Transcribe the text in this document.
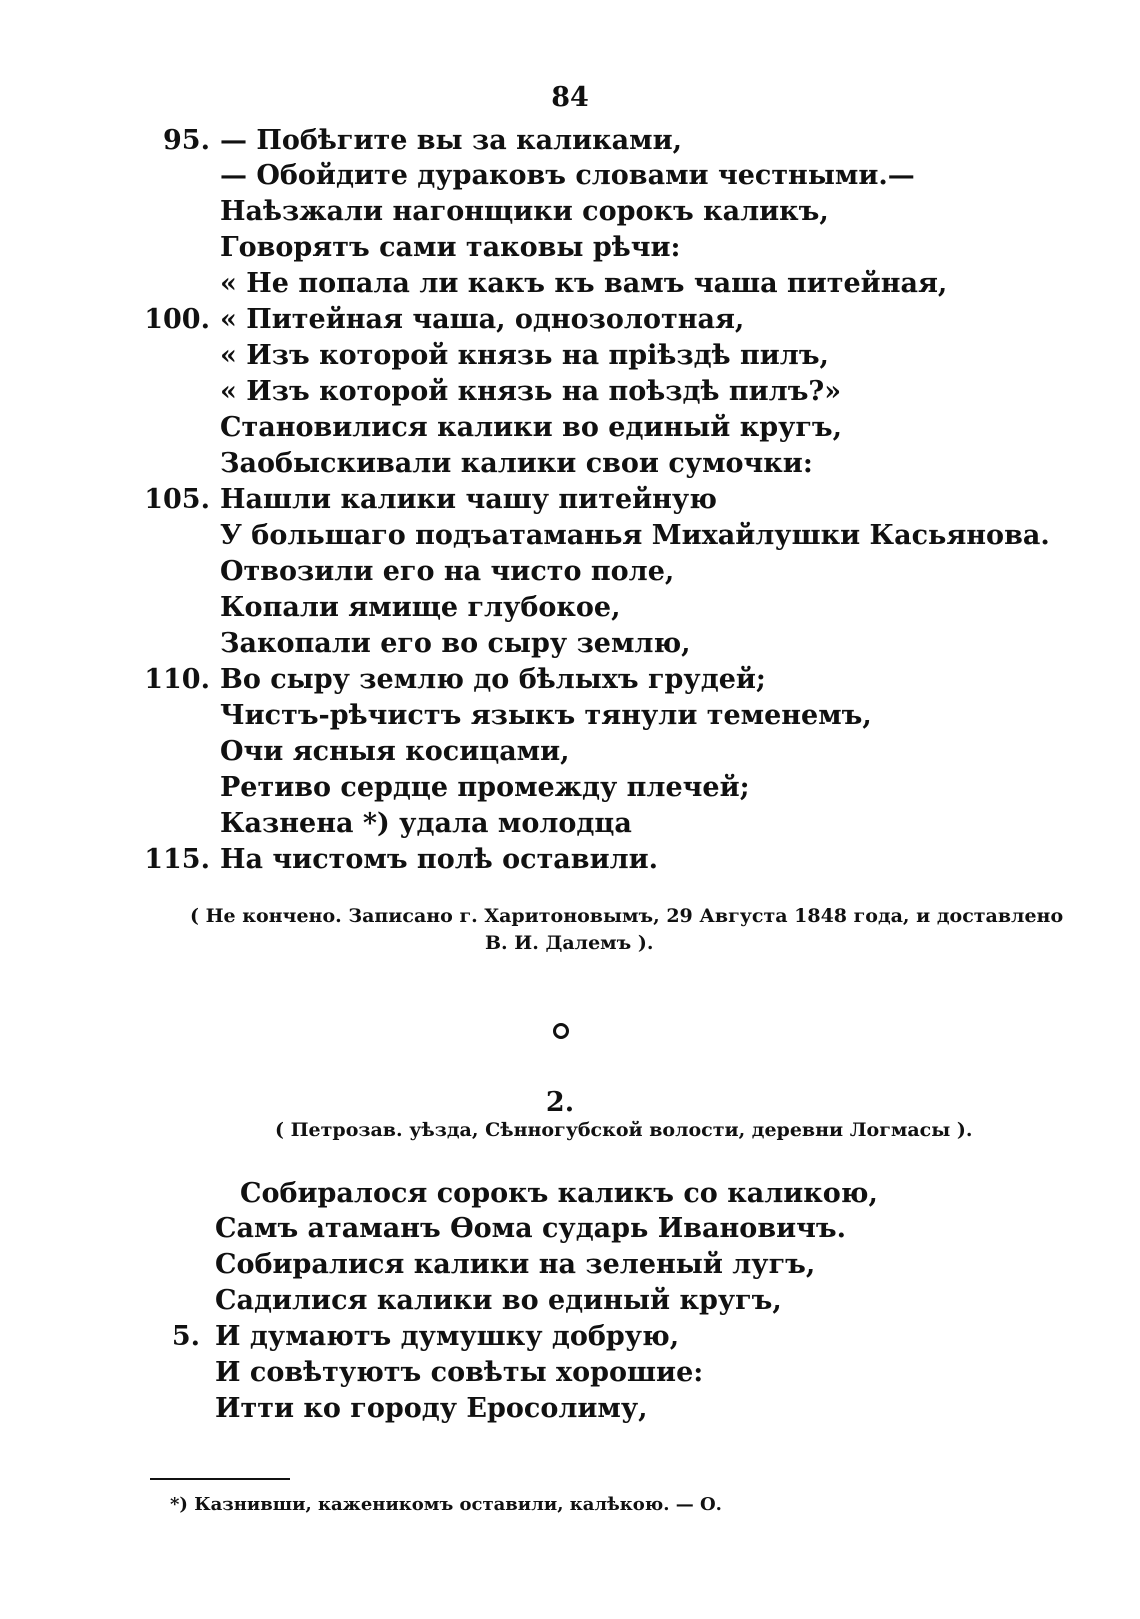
84
95. — Побѣгите вы за каликами,
— Обойдите дураковъ словами честными.—
Наѣзжали нагонщики сорокъ каликъ,
Говорятъ сами таковы рѣчи:
« Не попала ли какъ къ вамъ чаша питейная,
100. « Питейная чаша, однозолотная,
« Изъ которой князь на пріѣздѣ пилъ,
« Изъ которой князь на поѣздѣ пилъ?»
Становилися калики во единый кругъ,
Заобыскивали калики свои сумочки:
105. Нашли калики чашу питейную
У большаго подъатаманья Михайлушки Касьянова.
Отвозили его на чисто поле,
Копали ямище глубокое,
Закопали его во сыру землю,
110. Во сыру землю до бѣлыхъ грудей;
Чистъ-рѣчистъ языкъ тянули теменемъ,
Очи ясныя косицами,
Ретиво сердце промежду плечей;
Казнена *) удала молодца
115. На чистомъ полѣ оставили.
( Не кончено. Записано г. Харитоновымъ, 29 Августа 1848 года, и доставлено
В. И. Далемъ ).
2.
( Петрозав. уѣзда, Сѣнногубской волости, деревни Логмасы ).
Собиралося сорокъ каликъ со каликою,
Самъ атаманъ Ѳома сударь Ивановичъ.
Собиралися калики на зеленый лугъ,
Садилися калики во единый кругъ,
5. И думаютъ думушку добрую,
И совѣтуютъ совѣты хорошие:
Итти ко городу Еросолиму,
*) Казнивши, каженикомъ оставили, калѣкою. — О.
